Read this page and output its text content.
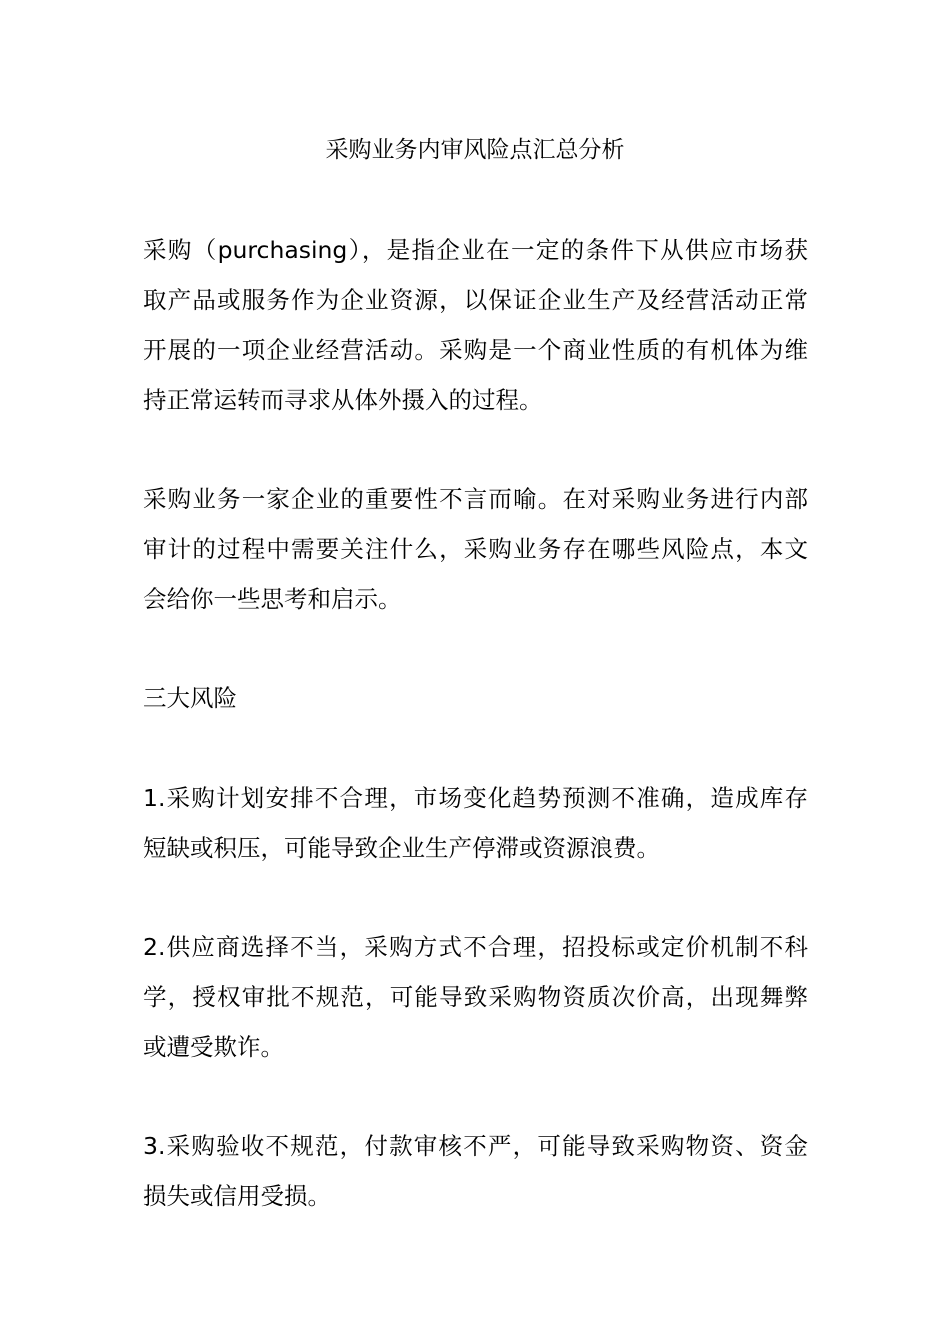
采购业务内审风险点汇总分析

采购（purchasing），是指企业在一定的条件下从供应市场获

取产品或服务作为企业资源，以保证企业生产及经营活动正常

开展的一项企业经营活动。采购是一个商业性质的有机体为维

持正常运转而寻求从体外摄入的过程。

采购业务一家企业的重要性不言而喻。在对采购业务进行内部

审计的过程中需要关注什么，采购业务存在哪些风险点，本文

会给你一些思考和启示。

三大风险

1.采购计划安排不合理，市场变化趋势预测不准确，造成库存

短缺或积压，可能导致企业生产停滞或资源浪费。

2.供应商选择不当，采购方式不合理，招投标或定价机制不科

学，授权审批不规范，可能导致采购物资质次价高，出现舞弊

或遭受欺诈。

3.采购验收不规范，付款审核不严，可能导致采购物资、资金

损失或信用受损。
